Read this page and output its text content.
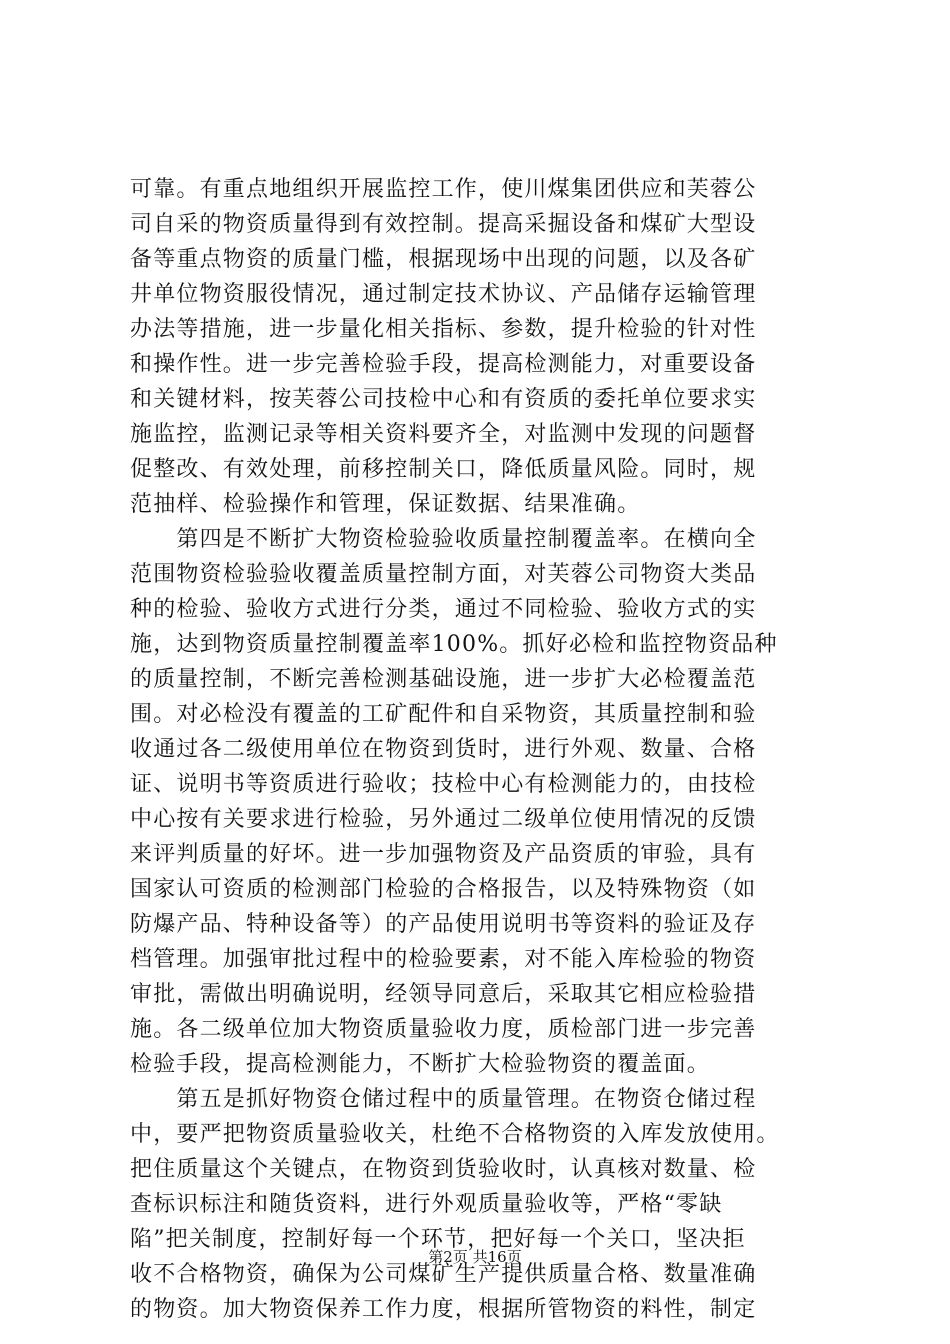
可靠。有重点地组织开展监控工作，使川煤集团供应和芙蓉公
司自采的物资质量得到有效控制。提高采掘设备和煤矿大型设
备等重点物资的质量门槛，根据现场中出现的问题，以及各矿
井单位物资服役情况，通过制定技术协议、产品储存运输管理
办法等措施，进一步量化相关指标、参数，提升检验的针对性
和操作性。进一步完善检验手段，提高检测能力，对重要设备
和关键材料，按芙蓉公司技检中心和有资质的委托单位要求实
施监控，监测记录等相关资料要齐全，对监测中发现的问题督
促整改、有效处理，前移控制关口，降低质量风险。同时，规
范抽样、检验操作和管理，保证数据、结果准确。
　　第四是不断扩大物资检验验收质量控制覆盖率。在横向全
范围物资检验验收覆盖质量控制方面，对芙蓉公司物资大类品
种的检验、验收方式进行分类，通过不同检验、验收方式的实
施，达到物资质量控制覆盖率100%。抓好必检和监控物资品种
的质量控制，不断完善检测基础设施，进一步扩大必检覆盖范
围。对必检没有覆盖的工矿配件和自采物资，其质量控制和验
收通过各二级使用单位在物资到货时，进行外观、数量、合格
证、说明书等资质进行验收；技检中心有检测能力的，由技检
中心按有关要求进行检验，另外通过二级单位使用情况的反馈
来评判质量的好坏。进一步加强物资及产品资质的审验，具有
国家认可资质的检测部门检验的合格报告，以及特殊物资（如
防爆产品、特种设备等）的产品使用说明书等资料的验证及存
档管理。加强审批过程中的检验要素，对不能入库检验的物资
审批，需做出明确说明，经领导同意后，采取其它相应检验措
施。各二级单位加大物资质量验收力度，质检部门进一步完善
检验手段，提高检测能力，不断扩大检验物资的覆盖面。
　　第五是抓好物资仓储过程中的质量管理。在物资仓储过程
中，要严把物资质量验收关，杜绝不合格物资的入库发放使用。
把住质量这个关键点，在物资到货验收时，认真核对数量、检
查标识标注和随货资料，进行外观质量验收等，严格“零缺
陷”把关制度，控制好每一个环节，把好每一个关口，坚决拒
收不合格物资，确保为公司煤矿生产提供质量合格、数量准确
的物资。加大物资保养工作力度，根据所管物资的料性，制定
第2页 共16页
